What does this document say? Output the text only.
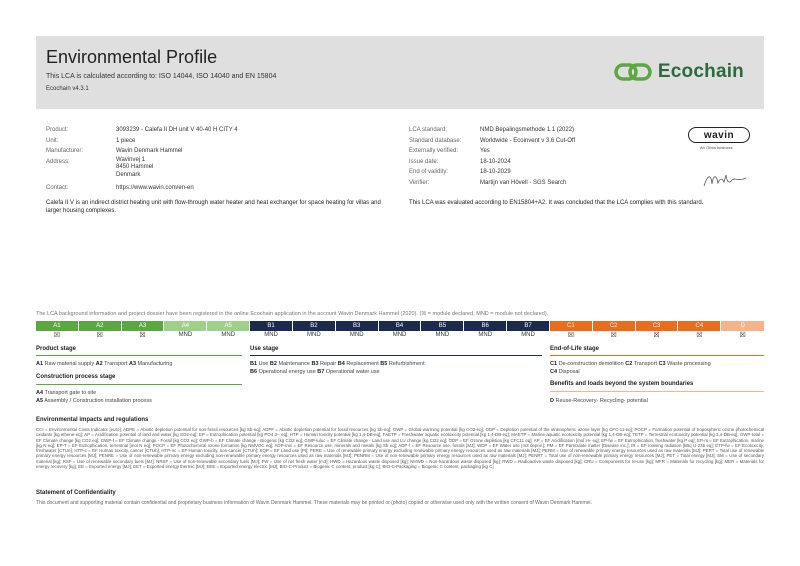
Environmental Profile
This LCA is calculated according to: ISO 14044, ISO 14040 and EN 15804
Ecochain v4.3.1
Ecochain
Product:	3093239 - Calefa II DH unit V 40-40 H CITY 4
Unit:	1 piece
Manufacturer:	Wavin Denmark Hammel
Address:	Wavinvej 1
8450 Hammel
Denmark
Contact:	https://www.wavin.com/en-en
LCA standard:	NMD Bepalingsmethode 1.1 (2022)
Standard database:	Worldwide - Ecoinvent v 3.6 Cut-Off
Externally verified:	Yes
Issue date:	18-10-2024
End of validity:	18-10-2029
Verifier:	Martijn van Hövell - SGS Search
wavin
An Orbia business
Calefa II V is an indirect district heating unit with flow-through water heater and heat exchanger for space heating for villas and larger housing complexes.
This LCA was evaluated according to EN15804+A2. It was concluded that the LCA complies with this standard.
The LCA background information and project dossier have been registered in the online Ecochain application in the account Wavin Denmark Hammel (2020). (☒ = module declared, MND = module not declared).
A1	A2	A3	A4	A5	B1	B2	B3	B4	B5	B6	B7	C1	C2	C3	C4	D
☒	☒	☒	MND	MND	MND	MND	MND	MND	MND	MND	MND	☒	☒	☒	☒	☒
Product stage
A1 Raw material supply A2 Transport A3 Manufacturing
Construction process stage
A4 Transport gate to site
A5 Assembly / Construction installation process
Use stage
B1 Use B2 Maintenance B3 Repair B4 Replacement B5 Refurbishment
B6 Operational energy use B7 Operational water use
End-of-Life stage
C1 De-construction demolition C2 Transport C3 Waste processing
C4 Disposal
Benefits and loads beyond the system boundaries
D Reuse-Recovery- Recycling- potential
Environmental impacts and regulations
CCI = Environmental Costs Indicator [euro]; ADPE = Abiotic depletion potential for non-fossil resources [kg Sb-eq]; ADPF = Abiotic depletion potential for fossil resources [kg Sb-eq]; GWP = Global warming potential [kg CO2-eq]; ODP = Depletion potential of the stratospheric ozone layer [kg CFC-11-eq]; POCP = Formation potential of tropospheric ozone photochemical oxidants [kg ethene-eq]; AP = Acidification potential of land and water [kg SO2-eq]; EP = Eutrophication potential [kg PO4 3-- eq]; HTP = Human toxicity potential [kg 1,4-DB-eq]; FAETP = Freshwater aquatic ecotoxicity potential [kg 1,4-DB-eq]; MAETP = Marine aquatic ecotoxicity potential [kg 1,4-DB-eq]; TETP = Terrestrial ecotoxicity potential [kg 1,4-DB-eq]; GWP-total = EF Climate change [kg CO2 eq]; GWP-f = EF Climate change - Fossil [kg CO2 eq]; GWP-b = EF Climate change - Biogenic [kg CO2 eq]; GWP-luluc = EF Climate change - Land use and LU change [kg CO2 eq]; ODP = EF Ozone depletion [kg CFC11 eq]; AP = EF Acidification [mol H+ eq]; EP-fw = EF Eutrophication, freshwater [kg P eq]; EP-m = EF Eutrophication, marine [kg N eq]; EP-T = EF Eutrophication, terrestrial [mol N eq]; POCP = EF Photochemical ozone formation [kg NMVOC eq]; ADP-min = EF Resource use, minerals and metals [kg Sb eq]; ADP-f = EF Resource use, fossils [MJ]; WDP = EF Water use [m3 depriv.]; PM = EF Particulate matter [Disease inc.]; IR = EF Ionising radiation [kBq U-235 eq]; ETP-fw = EF Ecotoxicity, freshwater [CTUe]; HTP-c = EF Human toxicity, cancer [CTUh]; HTP-nc = EF Human toxicity, non-cancer [CTUh]; SQP = EF Land use [Pt]; PERE = Use of renewable primary energy excluding renewable primary energy resources used as raw materials [MJ]; PERM = Use of renewable primary energy resources used as raw materials [MJ]; PERT = Total use of renewable primary energy resources [MJ]; PENRE = Use of non-renewable primary energy excluding non-renewable primary energy resources used as raw materials [MJ]; PENRM = Use of non-renewable primary energy resources used as raw materials [MJ]; PENRT = Total use of non-renewable primary energy resources [MJ]; PET = Total energy [MJ]; SM = Use of secondary material [kg]; RSF = Use of renewable secondary fuels [MJ]; NRSF = Use of non-renewable secondary fuels [MJ]; FW = Use of net fresh water [m3]; HWD = Hazardous waste disposed [kg]; NHWD = Non-hazardous waste disposed [kg]; RWD = Radioactive waste disposed [kg]; CRU = Components for re-use [kg]; MFR = Materials for recycling [kg]; MER = Materials for energy recovery [kg]; EE = Exported energy [MJ]; EET = Exported energy thermic [MJ]; EEE = Exported energy electric [MJ]; BIO-C-Product = Biogenic C content, product [kg C]; BIO-C-Packaging = Biogenic C content, packaging [kg C]
Statement of Confidentiality
This document and supporting material contain confidential and proprietary business information of Wavin Denmark Hammel. These materials may be printed or (photo) copied or otherwise used only with the written consent of Wavin Denmark Hammel.
